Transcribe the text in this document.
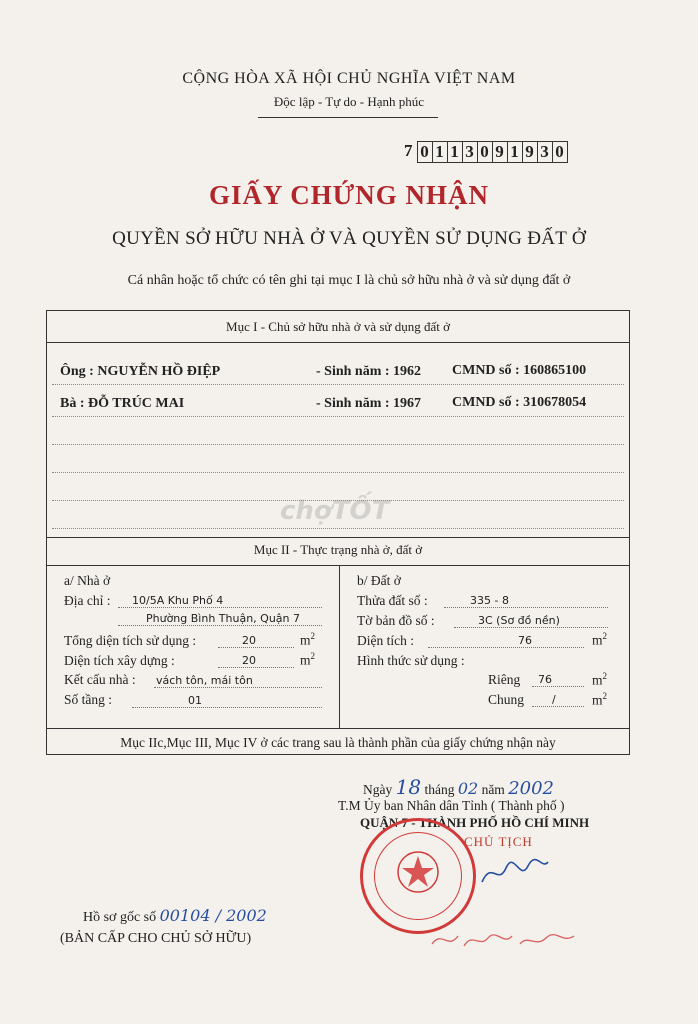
CỘNG HÒA XÃ HỘI CHỦ NGHĨA VIỆT NAM
Độc lập - Tự do - Hạnh phúc
7 0 1 1 3 0 9 1 9 3 0
GIẤY CHỨNG NHẬN
QUYỀN SỞ HỮU NHÀ Ở VÀ QUYỀN SỬ DỤNG ĐẤT Ở
Cá nhân hoặc tổ chức có tên ghi tại mục I là chủ sở hữu nhà ở và sử dụng đất ở
Mục I - Chủ sở hữu nhà ở và sử dụng đất ở
Ông : NGUYỄN HỒ ĐIỆP	- Sinh năm : 1962 CMND số : 160865100
Bà : ĐỖ TRÚC MAI	- Sinh năm : 1967 CMND số : 310678054
chợTỐT
Mục II - Thực trạng nhà ở, đất ở
a/ Nhà ở
Địa chỉ :	10/5A Khu Phố 4
Phường Bình Thuận, Quận 7
Tổng diện tích sử dụng :	20	$m^2$
Diện tích xây dựng :	20	$m^2$
Kết cấu nhà : vách tôn, mái tôn
Số tầng :	01
b/ Đất ở
Thửa đất số :	335 - 8
Tờ bản đồ số :	3C (Sơ đồ nền)
Diện tích :	76	$m^2$
Hình thức sử dụng :
Riêng	76	$m^2$
Chung	/	$m^2$
Mục IIc,Mục III, Mục IV ở các trang sau là thành phần của giấy chứng nhận này
Ngày 18 tháng 02 năm 2002
T.M Ủy ban Nhân dân Tỉnh ( Thành phố )
QUẬN 7 - THÀNH PHỐ HỒ CHÍ MINH
CHỦ TỊCH
Hồ sơ gốc số 00104 / 2002
(BẢN CẤP CHO CHỦ SỞ HỮU)
